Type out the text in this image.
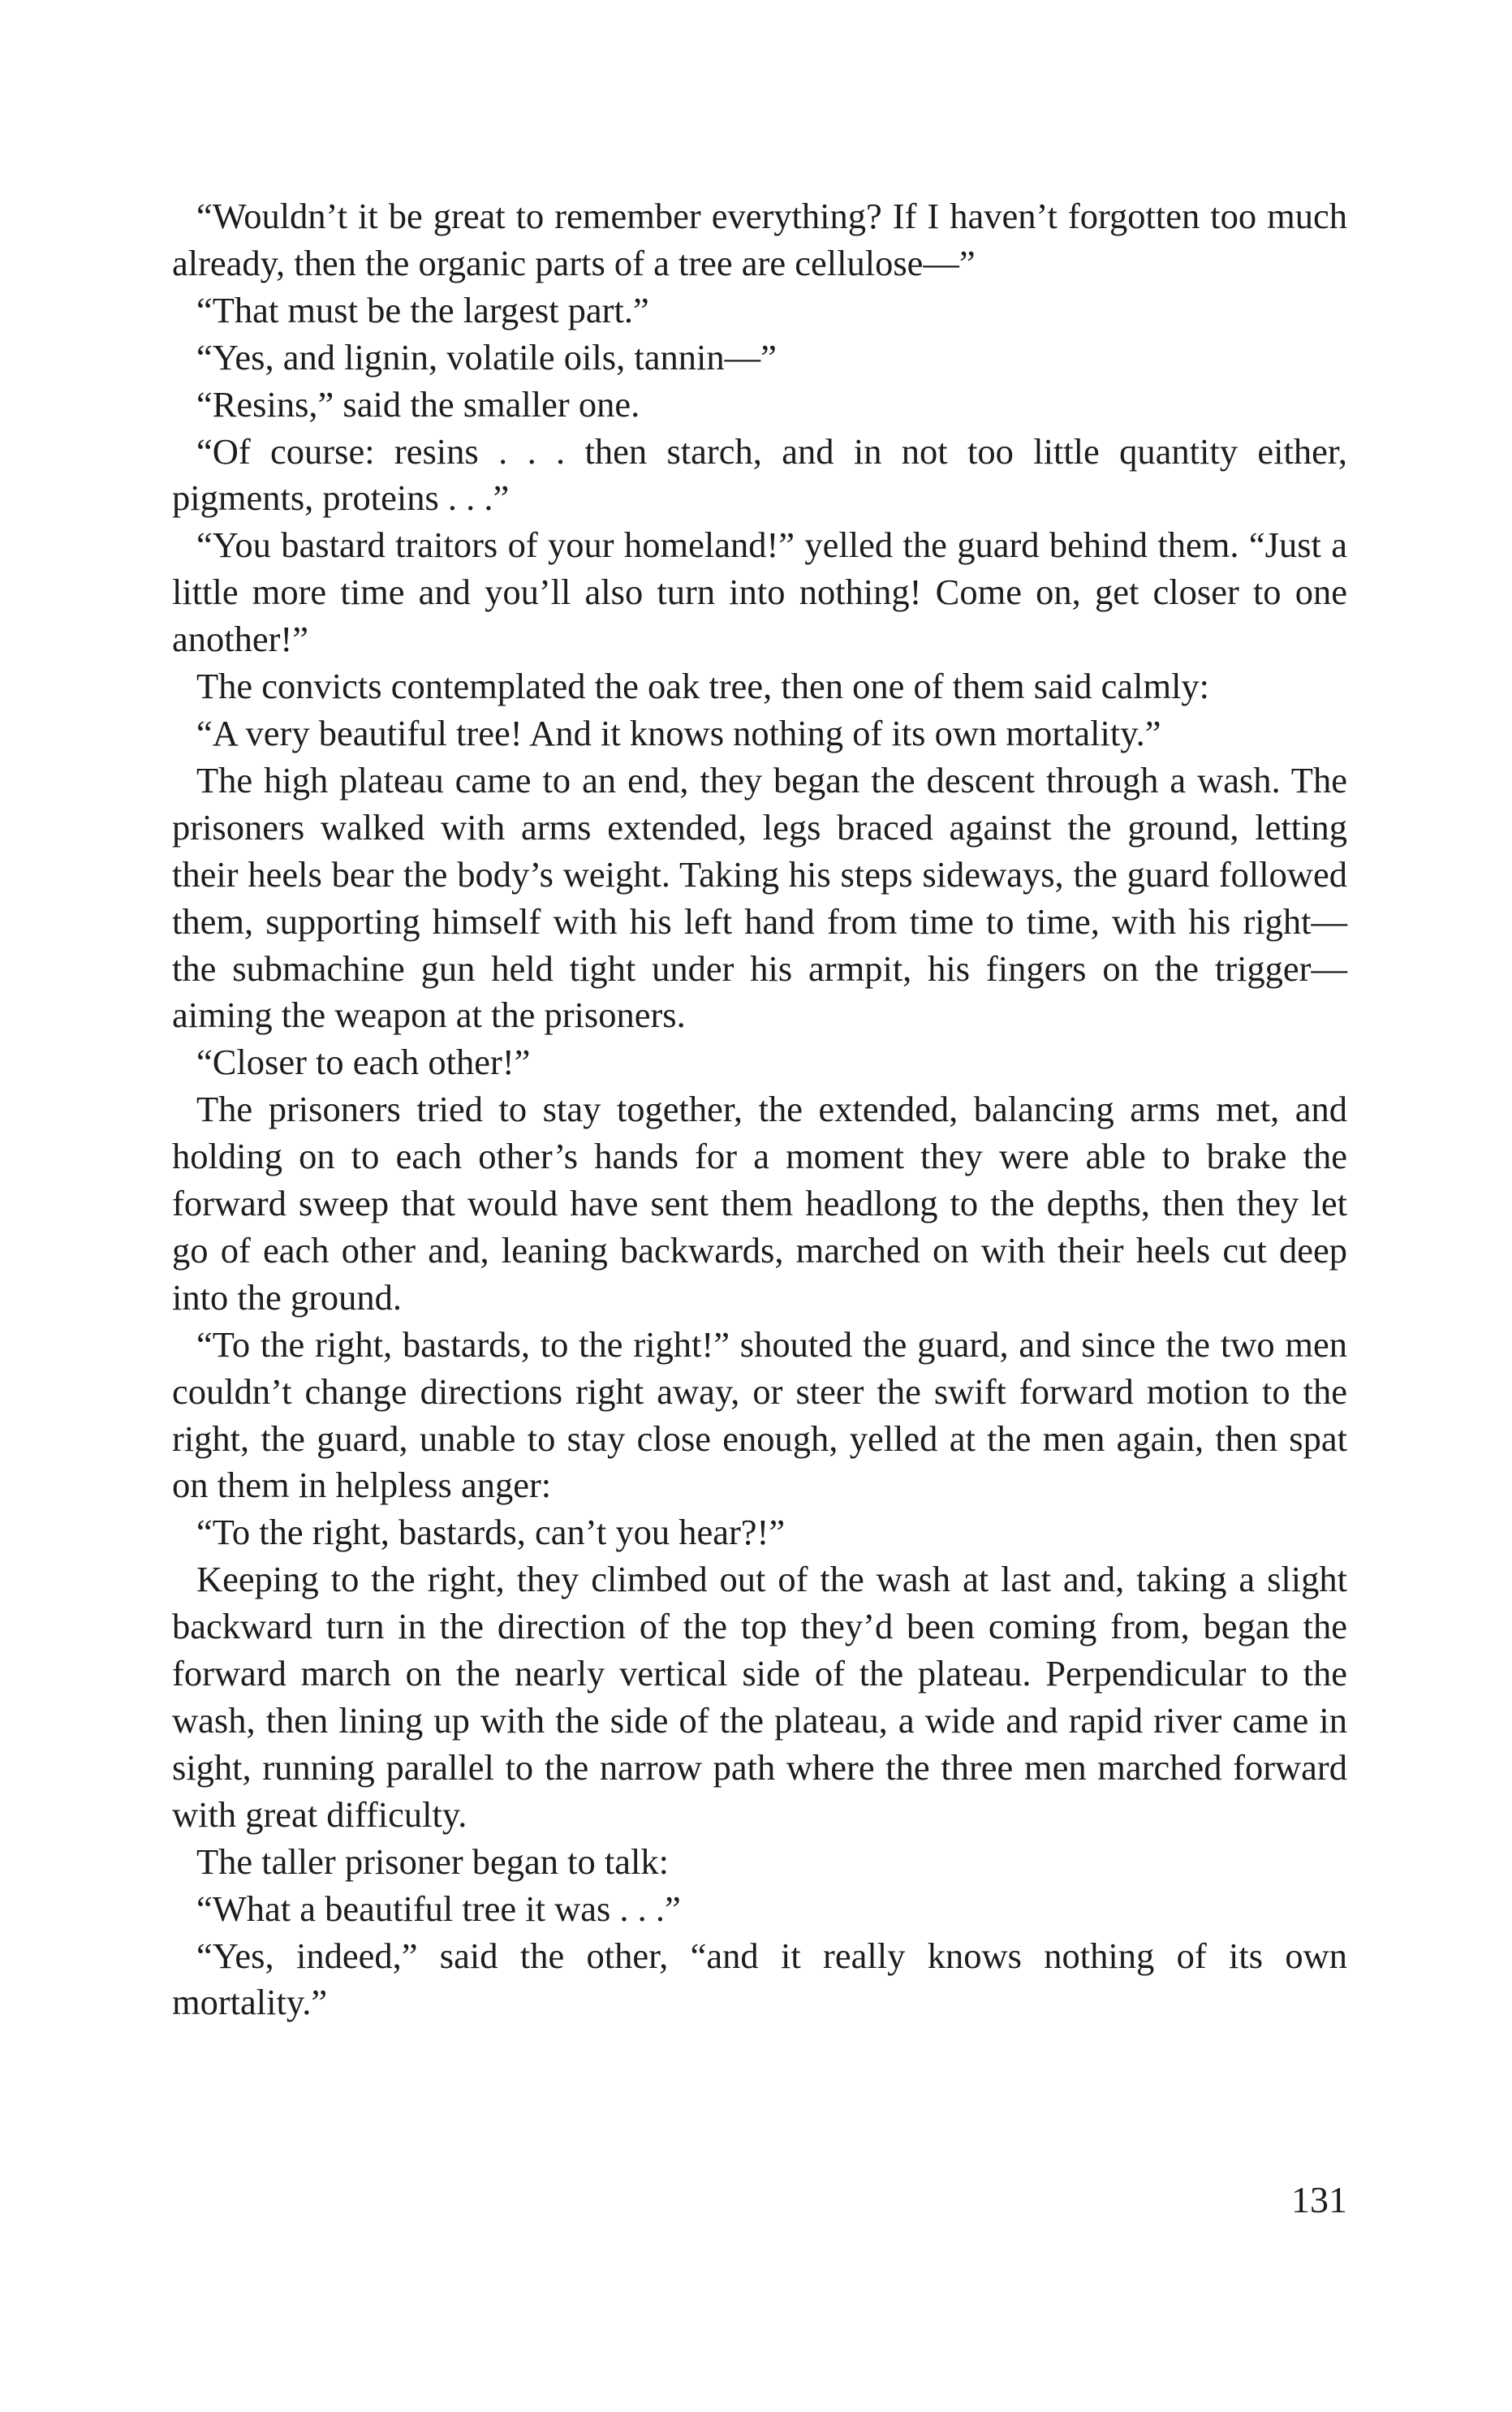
“Wouldn’t it be great to remember everything? If I haven’t forgotten too much already, then the organic parts of a tree are cellulose—”

“That must be the largest part.”

“Yes, and lignin, volatile oils, tannin—”

“Resins,” said the smaller one.

“Of course: resins . . . then starch, and in not too little quantity either, pigments, proteins . . .”

“You bastard traitors of your homeland!” yelled the guard behind them. “Just a little more time and you’ll also turn into nothing! Come on, get closer to one another!”

The convicts contemplated the oak tree, then one of them said calmly:

“A very beautiful tree! And it knows nothing of its own mortality.”

The high plateau came to an end, they began the descent through a wash. The prisoners walked with arms extended, legs braced against the ground, letting their heels bear the body’s weight. Taking his steps sideways, the guard followed them, supporting himself with his left hand from time to time, with his right—the submachine gun held tight under his armpit, his fingers on the trigger—aiming the weapon at the prisoners.

“Closer to each other!”

The prisoners tried to stay together, the extended, balancing arms met, and holding on to each other’s hands for a moment they were able to brake the forward sweep that would have sent them headlong to the depths, then they let go of each other and, leaning backwards, marched on with their heels cut deep into the ground.

“To the right, bastards, to the right!” shouted the guard, and since the two men couldn’t change directions right away, or steer the swift forward motion to the right, the guard, unable to stay close enough, yelled at the men again, then spat on them in helpless anger:

“To the right, bastards, can’t you hear?!”

Keeping to the right, they climbed out of the wash at last and, taking a slight backward turn in the direction of the top they’d been coming from, began the forward march on the nearly vertical side of the plateau. Perpendicular to the wash, then lining up with the side of the plateau, a wide and rapid river came in sight, running parallel to the narrow path where the three men marched forward with great difficulty.

The taller prisoner began to talk:

“What a beautiful tree it was . . .”

“Yes, indeed,” said the other, “and it really knows nothing of its own mortality.”

131
